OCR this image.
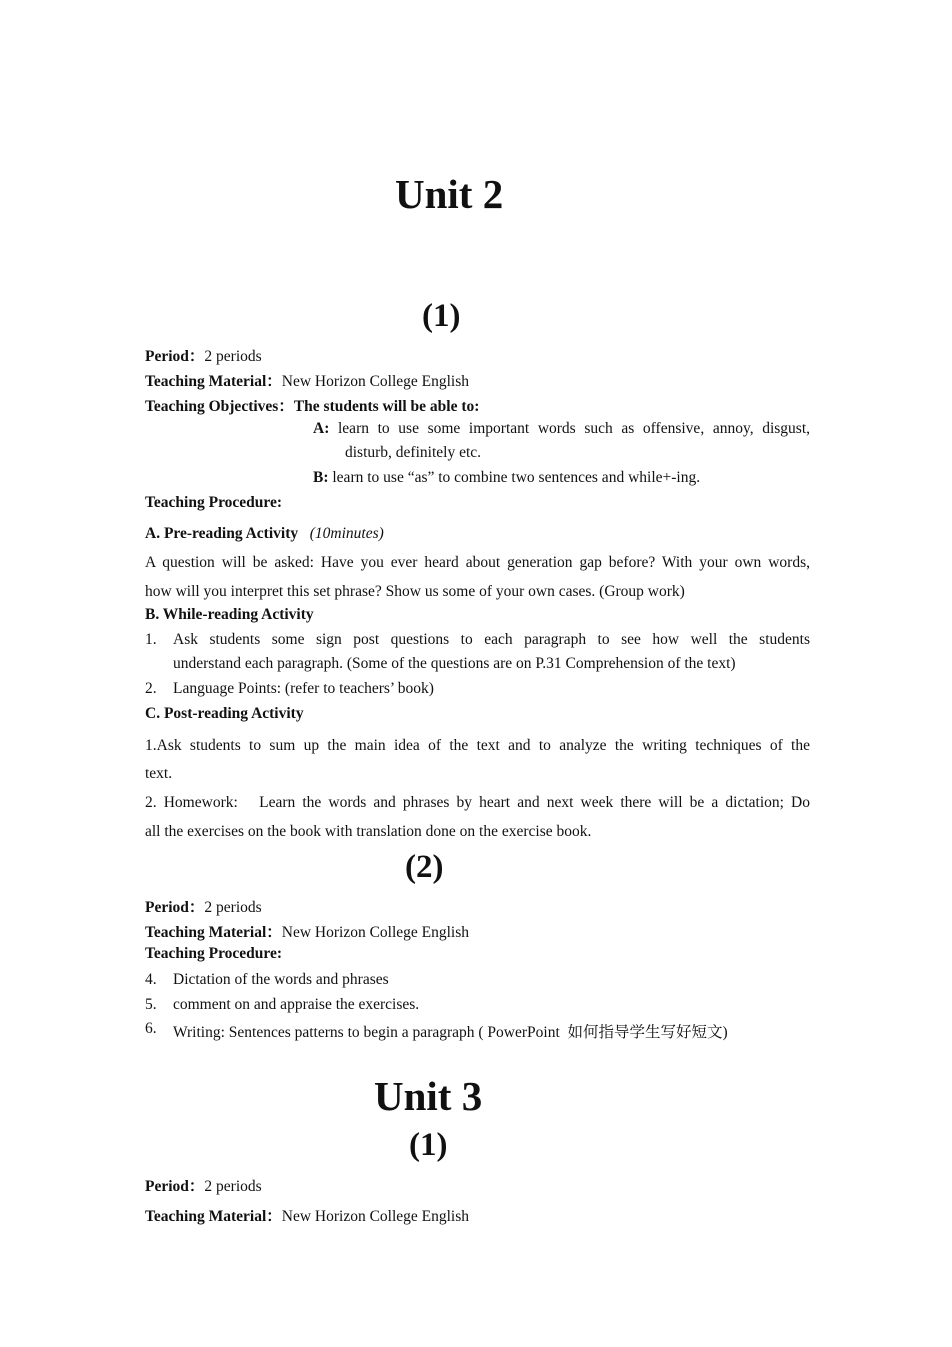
Unit 2
(1)
Period：2 periods
Teaching Material：New Horizon College English
Teaching Objectives：The students will be able to:
A: learn to use some important words such as offensive, annoy, disgust,
disturb, definitely etc.
B: learn to use “as” to combine two sentences and while+-ing.
Teaching Procedure:
A. Pre-reading Activity (10minutes)
A question will be asked: Have you ever heard about generation gap before? With your own words,
how will you interpret this set phrase? Show us some of your own cases. (Group work)
B. While-reading Activity
1. Ask students some sign post questions to each paragraph to see how well the students
understand each paragraph. (Some of the questions are on P.31 Comprehension of the text)
2. Language Points: (refer to teachers’ book)
C. Post-reading Activity
1.Ask students to sum up the main idea of the text and to analyze the writing techniques of the
text.
2. Homework:   Learn the words and phrases by heart and next week there will be a dictation; Do
all the exercises on the book with translation done on the exercise book.
(2)
Period：2 periods
Teaching Material：New Horizon College English
Teaching Procedure:
4. Dictation of the words and phrases
5. comment on and appraise the exercises.
6. Writing: Sentences patterns to begin a paragraph ( PowerPoint  如何指导学生写好短文)
Unit 3
(1)
Period：2 periods
Teaching Material：New Horizon College English
